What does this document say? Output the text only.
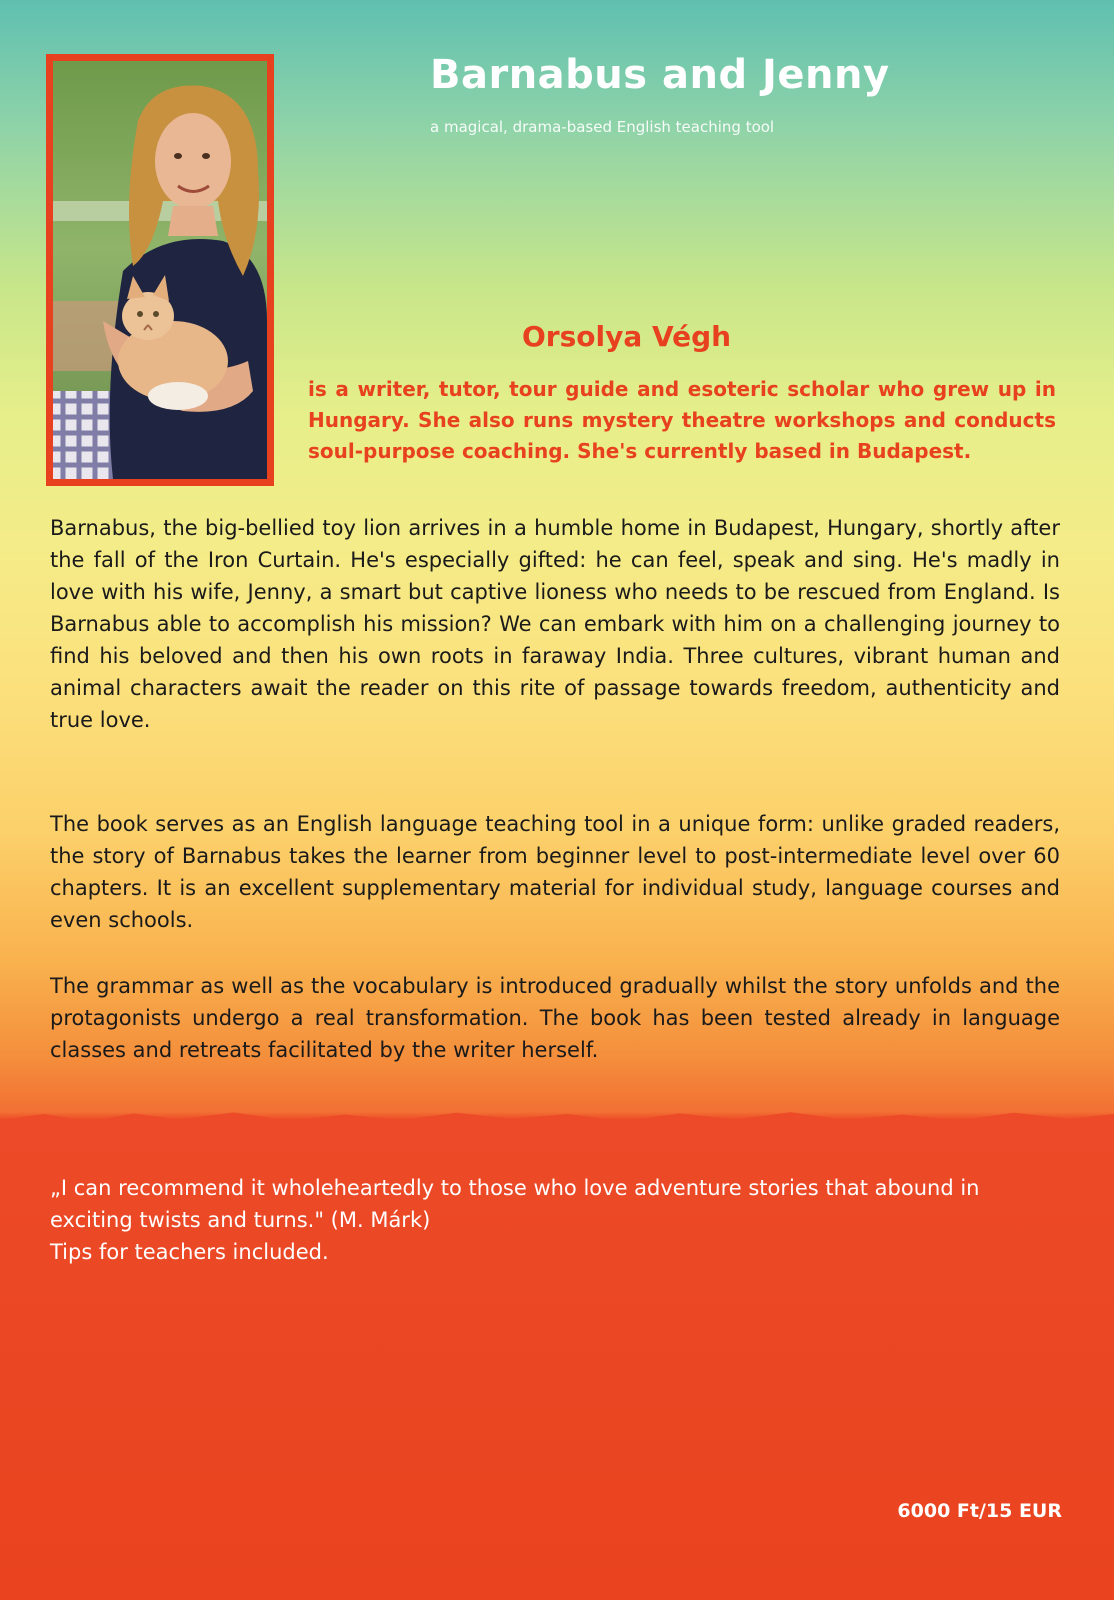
Barnabus and Jenny
a magical, drama-based English teaching tool
Orsolya Végh

is a writer, tutor, tour guide and esoteric scholar who grew up in Hungary. She also runs mystery theatre workshops and conducts soul-purpose coaching. She's currently based in Budapest.

Barnabus, the big-bellied toy lion arrives in a humble home in Budapest, Hungary, shortly after the fall of the Iron Curtain. He's especially gifted: he can feel, speak and sing. He's madly in love with his wife, Jenny, a smart but captive lioness who needs to be rescued from England. Is Barnabus able to accomplish his mission? We can embark with him on a challenging journey to find his beloved and then his own roots in faraway India. Three cultures, vibrant human and animal characters await the reader on this rite of passage towards freedom, authenticity and true love.

The book serves as an English language teaching tool in a unique form: unlike graded readers, the story of Barnabus takes the learner from beginner level to post-intermediate level over 60 chapters. It is an excellent supplementary material for individual study, language courses and even schools.

The grammar as well as the vocabulary is introduced gradually whilst the story unfolds and the protagonists undergo a real transformation. The book has been tested already in language classes and retreats facilitated by the writer herself.

„I can recommend it wholeheartedly to those who love adventure stories that abound in exciting twists and turns." (M. Márk)

Tips for teachers included.

6000 Ft/15 EUR
